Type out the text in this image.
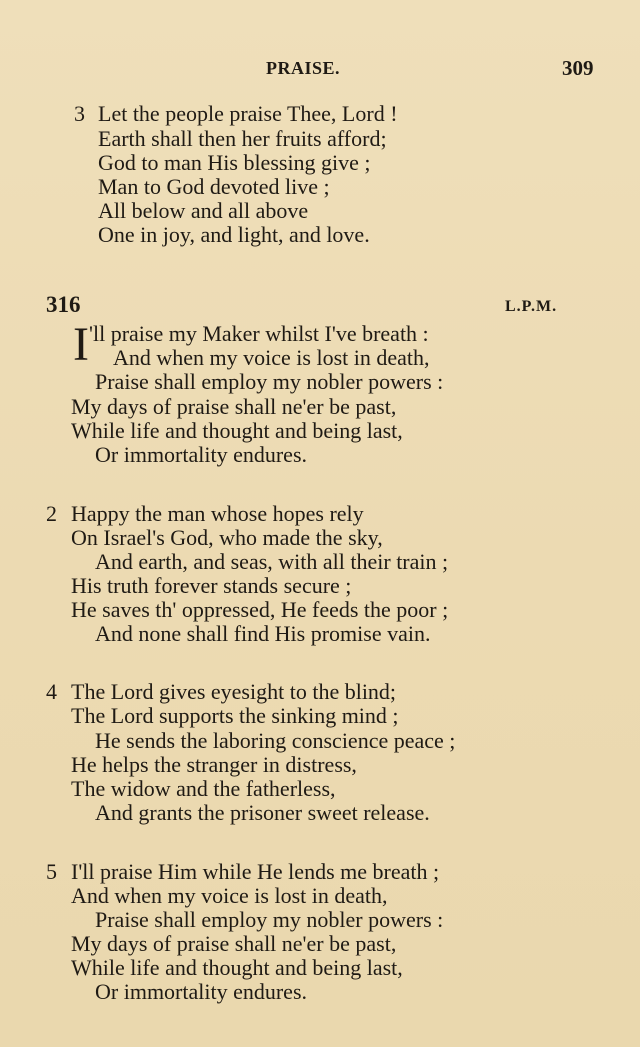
PRAISE.	309
3 Let the people praise Thee, Lord !
Earth shall then her fruits afford;
God to man His blessing give ;
Man to God devoted live ;
All below and all above
One in joy, and light, and love.
316	L.P.M.
I 'll praise my Maker whilst I've breath :
And when my voice is lost in death,
Praise shall employ my nobler powers :
My days of praise shall ne'er be past,
While life and thought and being last,
Or immortality endures.
2 Happy the man whose hopes rely
On Israel's God, who made the sky,
And earth, and seas, with all their train ;
His truth forever stands secure ;
He saves th' oppressed, He feeds the poor ;
And none shall find His promise vain.
4 The Lord gives eyesight to the blind;
The Lord supports the sinking mind ;
He sends the laboring conscience peace ;
He helps the stranger in distress,
The widow and the fatherless,
And grants the prisoner sweet release.
5 I'll praise Him while He lends me breath ;
And when my voice is lost in death,
Praise shall employ my nobler powers :
My days of praise shall ne'er be past,
While life and thought and being last,
Or immortality endures.
